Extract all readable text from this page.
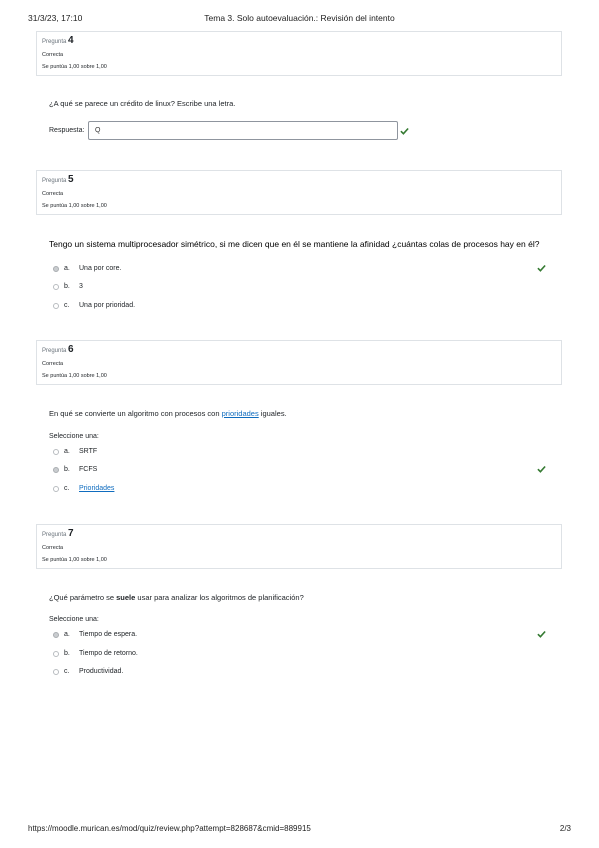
31/3/23, 17:10	Tema 3. Solo autoevaluación.: Revisión del intento
Pregunta 4
Correcta
Se puntúa 1,00 sobre 1,00
¿A qué se parece un crédito de linux? Escribe una letra.
Respuesta:
Q
Pregunta 5
Correcta
Se puntúa 1,00 sobre 1,00
Tengo un sistema multiprocesador simétrico, si me dicen que en él se mantiene la afinidad ¿cuántas colas de procesos hay en él?
a. Una por core.
b. 3
c. Una por prioridad.
Pregunta 6
Correcta
Se puntúa 1,00 sobre 1,00
En qué se convierte un algoritmo con procesos con prioridades iguales.
Seleccione una:
a. SRTF
b. FCFS
c. Prioridades
Pregunta 7
Correcta
Se puntúa 1,00 sobre 1,00
¿Qué parámetro se suele usar para analizar los algoritmos de planificación?
Seleccione una:
a. Tiempo de espera.
b. Tiempo de retorno.
c. Productividad.
https://moodle.murican.es/mod/quiz/review.php?attempt=828687&cmid=889915	2/3
